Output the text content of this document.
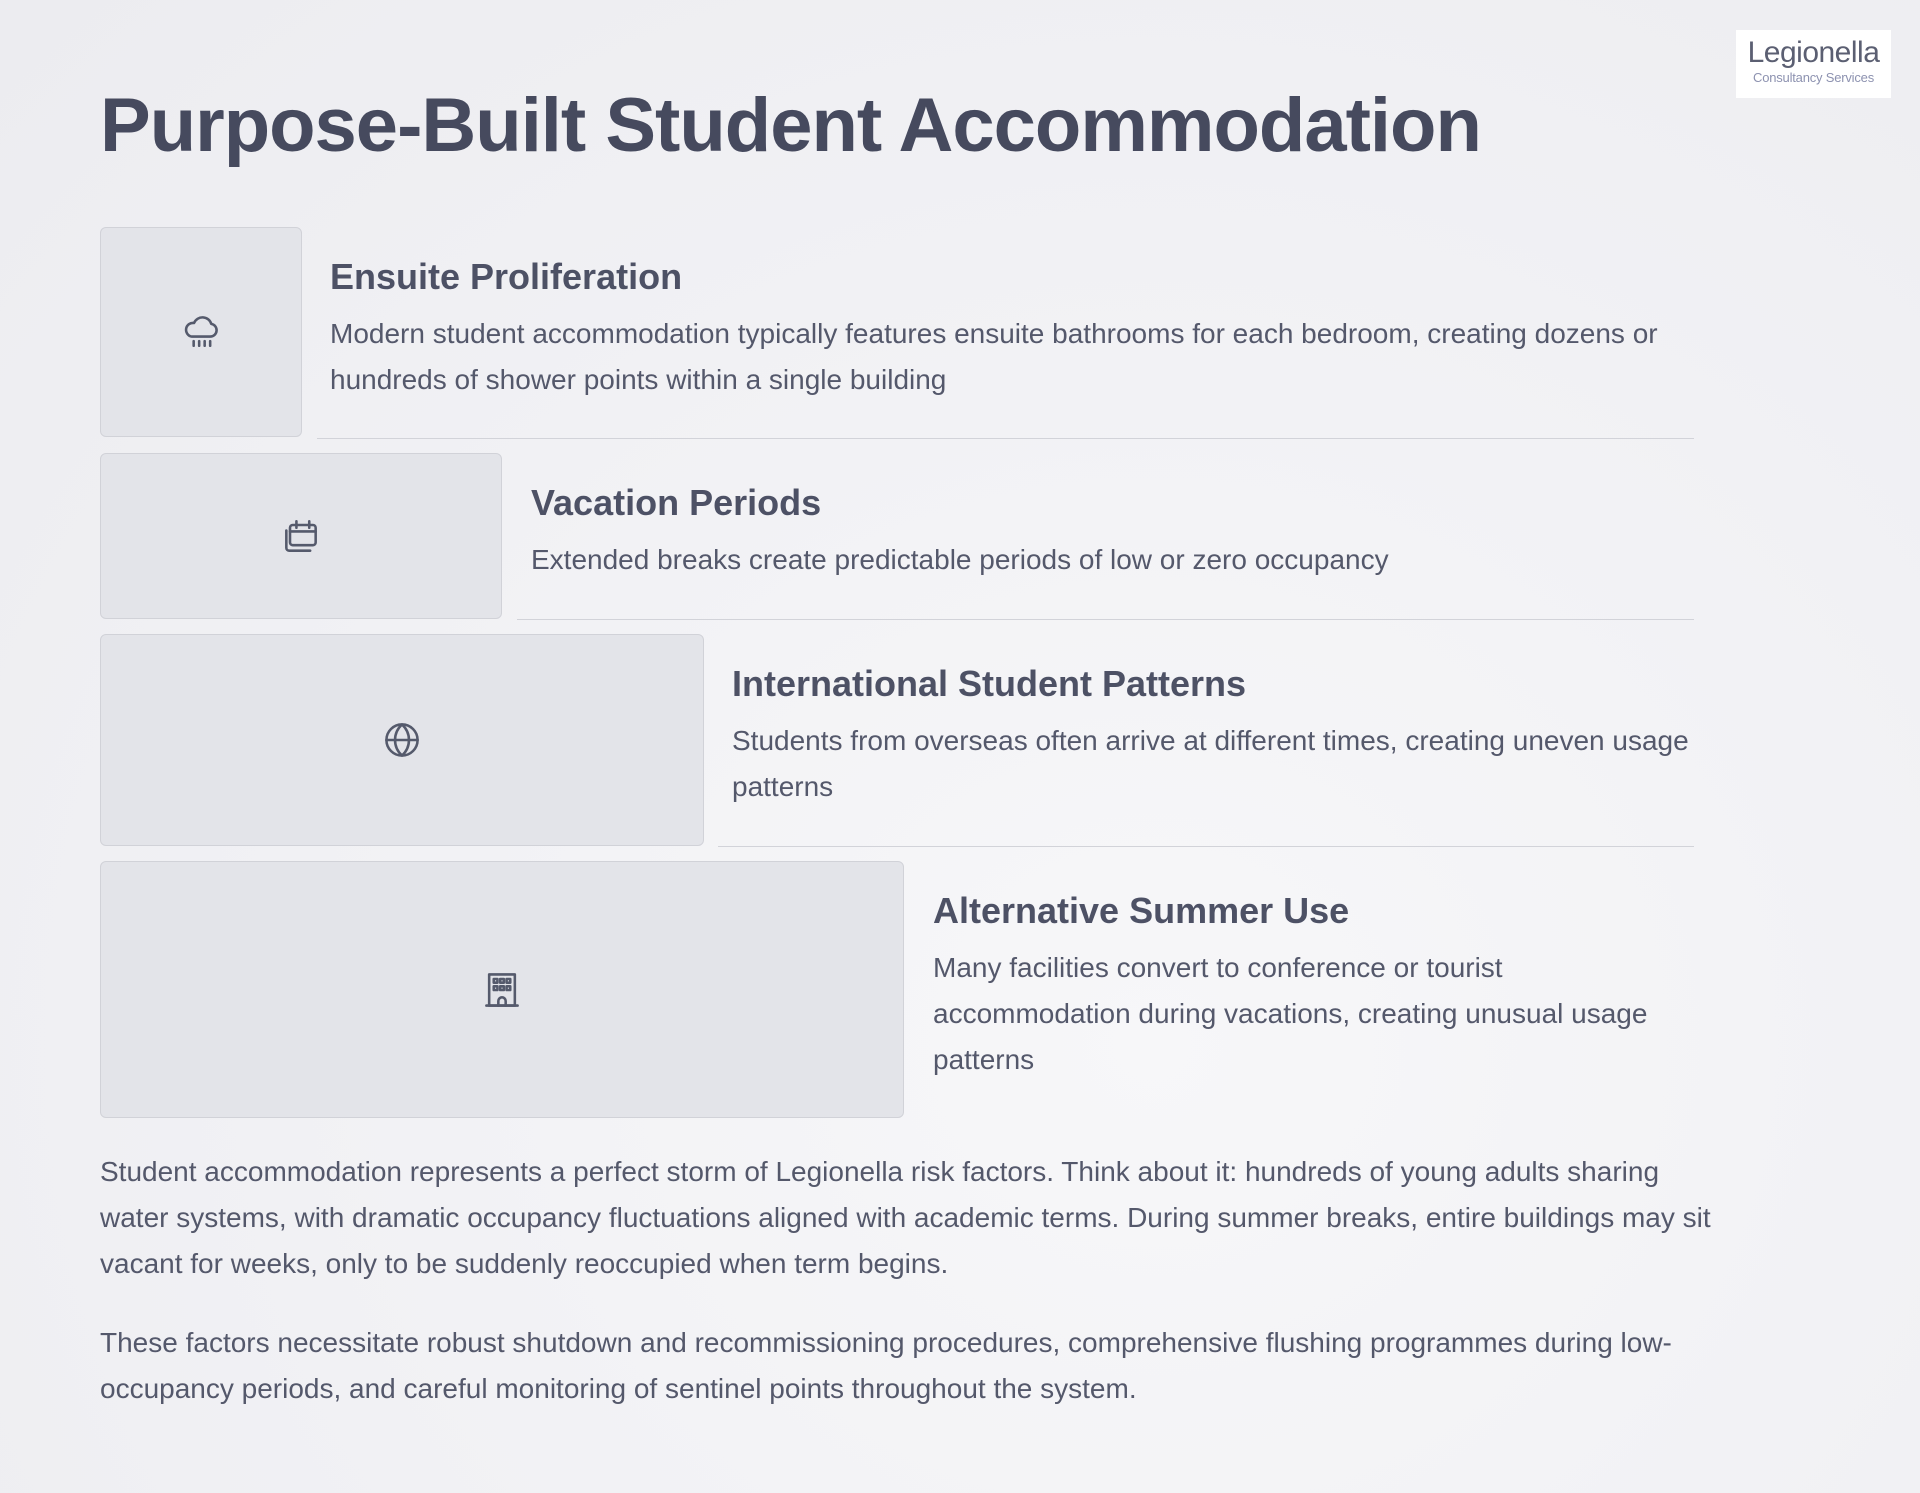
Legionella
Consultancy Services
Purpose-Built Student Accommodation
Ensuite Proliferation

Modern student accommodation typically features ensuite bathrooms for each bedroom, creating dozens or hundreds of shower points within a single building

Vacation Periods

Extended breaks create predictable periods of low or zero occupancy

International Student Patterns

Students from overseas often arrive at different times, creating uneven usage patterns

Alternative Summer Use

Many facilities convert to conference or tourist accommodation during vacations, creating unusual usage patterns

Student accommodation represents a perfect storm of Legionella risk factors. Think about it: hundreds of young adults sharing water systems, with dramatic occupancy fluctuations aligned with academic terms. During summer breaks, entire buildings may sit vacant for weeks, only to be suddenly reoccupied when term begins.

These factors necessitate robust shutdown and recommissioning procedures, comprehensive flushing programmes during low-occupancy periods, and careful monitoring of sentinel points throughout the system.
